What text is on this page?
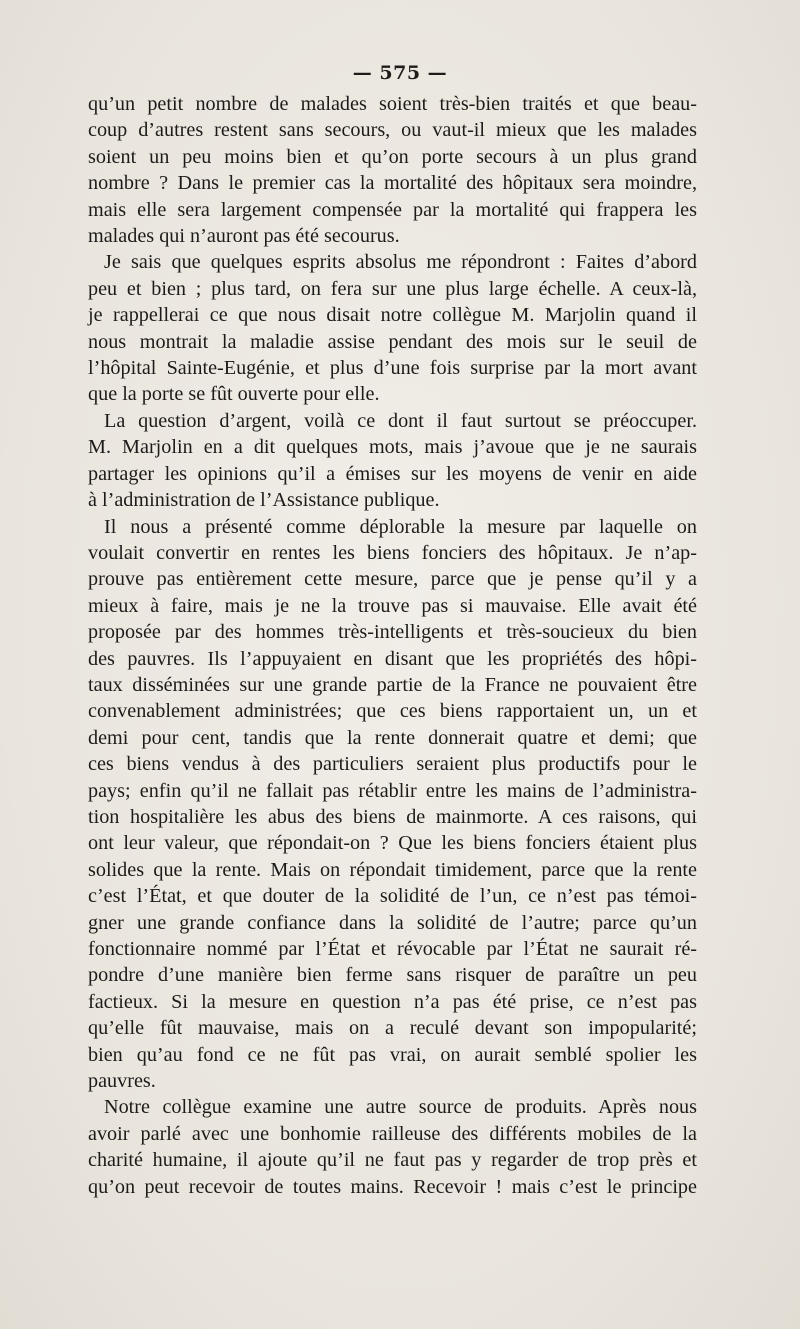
— 575 —
qu’un petit nombre de malades soient très-bien traités et que beau-
coup d’autres restent sans secours, ou vaut-il mieux que les malades
soient un peu moins bien et qu’on porte secours à un plus grand
nombre ? Dans le premier cas la mortalité des hôpitaux sera moindre,
mais elle sera largement compensée par la mortalité qui frappera les
malades qui n’auront pas été secourus.
Je sais que quelques esprits absolus me répondront : Faites d’abord
peu et bien ; plus tard, on fera sur une plus large échelle. A ceux-là,
je rappellerai ce que nous disait notre collègue M. Marjolin quand il
nous montrait la maladie assise pendant des mois sur le seuil de
l’hôpital Sainte-Eugénie, et plus d’une fois surprise par la mort avant
que la porte se fût ouverte pour elle.
La question d’argent, voilà ce dont il faut surtout se préoccuper.
M. Marjolin en a dit quelques mots, mais j’avoue que je ne saurais
partager les opinions qu’il a émises sur les moyens de venir en aide
à l’administration de l’Assistance publique.
Il nous a présenté comme déplorable la mesure par laquelle on
voulait convertir en rentes les biens fonciers des hôpitaux. Je n’ap-
prouve pas entièrement cette mesure, parce que je pense qu’il y a
mieux à faire, mais je ne la trouve pas si mauvaise. Elle avait été
proposée par des hommes très-intelligents et très-soucieux du bien
des pauvres. Ils l’appuyaient en disant que les propriétés des hôpi-
taux disséminées sur une grande partie de la France ne pouvaient être
convenablement administrées; que ces biens rapportaient un, un et
demi pour cent, tandis que la rente donnerait quatre et demi; que
ces biens vendus à des particuliers seraient plus productifs pour le
pays; enfin qu’il ne fallait pas rétablir entre les mains de l’administra-
tion hospitalière les abus des biens de mainmorte. A ces raisons, qui
ont leur valeur, que répondait-on ? Que les biens fonciers étaient plus
solides que la rente. Mais on répondait timidement, parce que la rente
c’est l’État, et que douter de la solidité de l’un, ce n’est pas témoi-
gner une grande confiance dans la solidité de l’autre; parce qu’un
fonctionnaire nommé par l’État et révocable par l’État ne saurait ré-
pondre d’une manière bien ferme sans risquer de paraître un peu
factieux. Si la mesure en question n’a pas été prise, ce n’est pas
qu’elle fût mauvaise, mais on a reculé devant son impopularité;
bien qu’au fond ce ne fût pas vrai, on aurait semblé spolier les
pauvres.
Notre collègue examine une autre source de produits. Après nous
avoir parlé avec une bonhomie railleuse des différents mobiles de la
charité humaine, il ajoute qu’il ne faut pas y regarder de trop près et
qu’on peut recevoir de toutes mains. Recevoir ! mais c’est le principe
